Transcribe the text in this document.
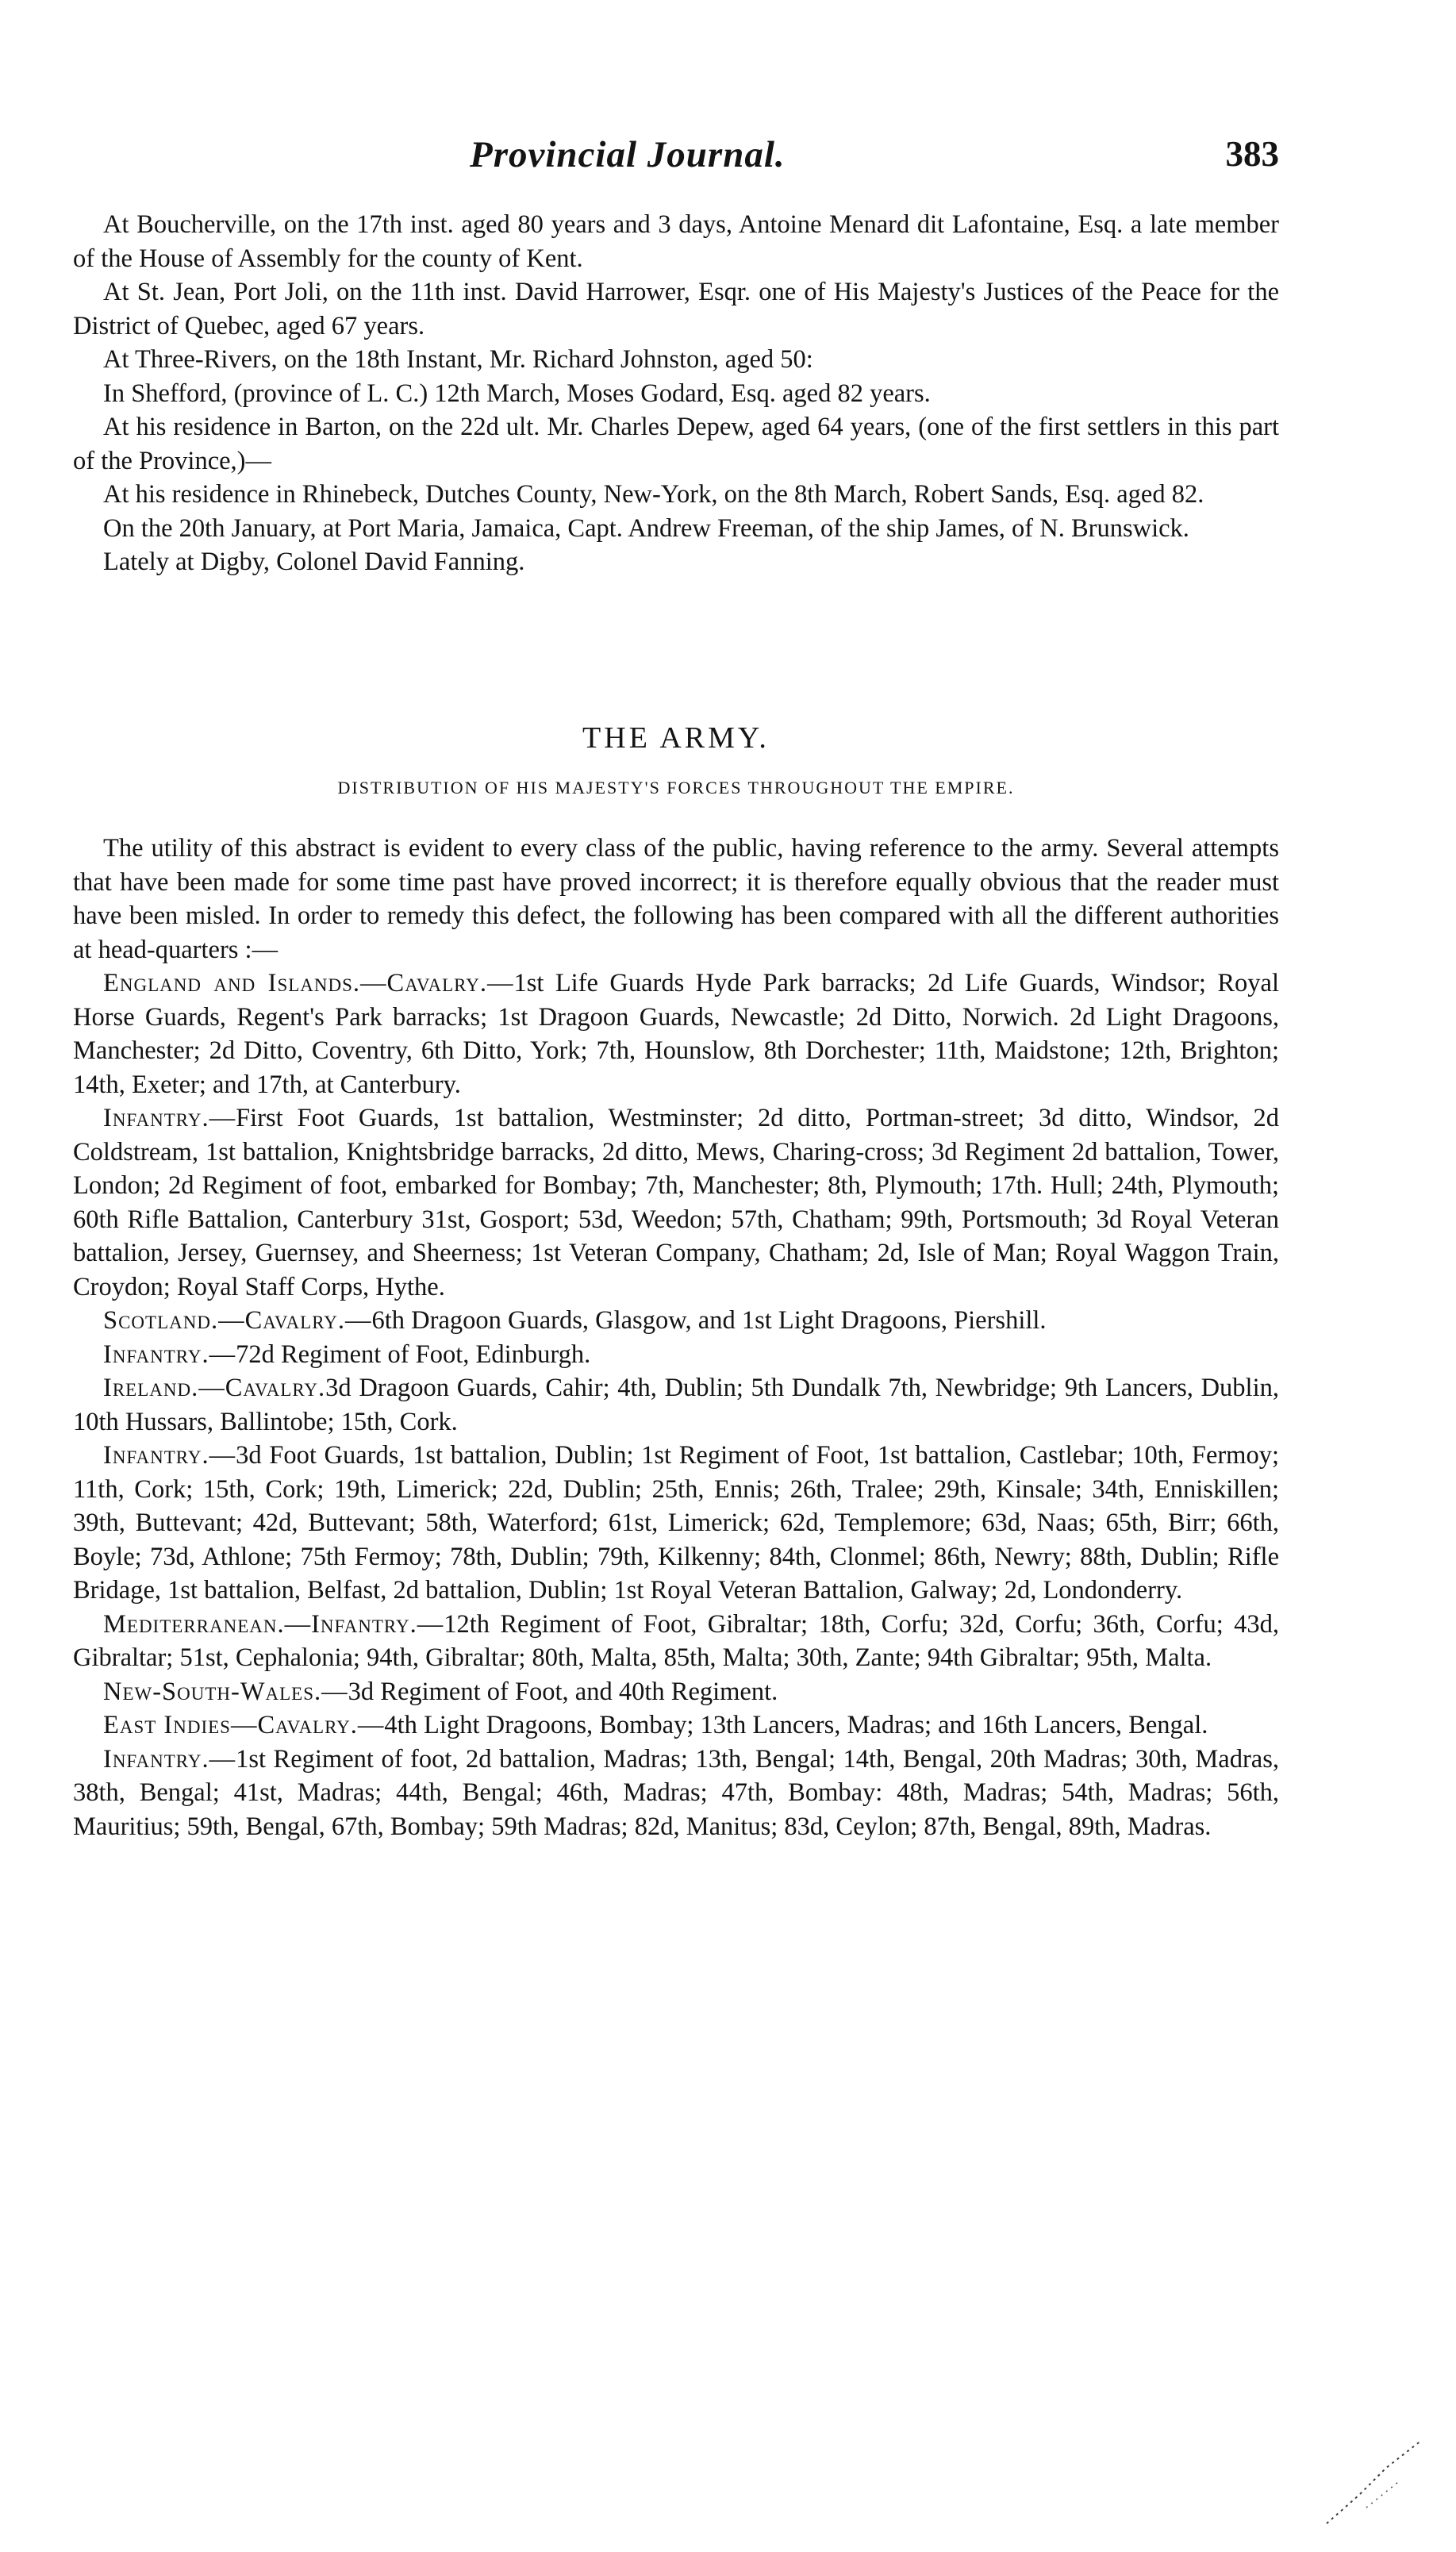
Provincial Journal.	383

At Boucherville, on the 17th inst. aged 80 years and 3 days, Antoine Menard dit Lafontaine, Esq. a late member of the House of Assembly for the county of Kent.

At St. Jean, Port Joli, on the 11th inst. David Harrower, Esqr. one of His Majesty's Justices of the Peace for the District of Quebec, aged 67 years.

At Three-Rivers, on the 18th Instant, Mr. Richard Johnston, aged 50:

In Shefford, (province of L. C.) 12th March, Moses Godard, Esq. aged 82 years.

At his residence in Barton, on the 22d ult. Mr. Charles Depew, aged 64 years, (one of the first settlers in this part of the Province,)—

At his residence in Rhinebeck, Dutches County, New-York, on the 8th March, Robert Sands, Esq. aged 82.

On the 20th January, at Port Maria, Jamaica, Capt. Andrew Freeman, of the ship James, of N. Brunswick.

Lately at Digby, Colonel David Fanning.

THE ARMY.
DISTRIBUTION OF HIS MAJESTY'S FORCES THROUGHOUT THE EMPIRE.

The utility of this abstract is evident to every class of the public, having reference to the army. Several attempts that have been made for some time past have proved incorrect; it is therefore equally obvious that the reader must have been misled. In order to remedy this defect, the following has been compared with all the different authorities at head-quarters :—

England and Islands.—Cavalry.—1st Life Guards Hyde Park barracks; 2d Life Guards, Windsor; Royal Horse Guards, Regent's Park barracks; 1st Dragoon Guards, Newcastle; 2d Ditto, Norwich. 2d Light Dragoons, Manchester; 2d Ditto, Coventry, 6th Ditto, York; 7th, Hounslow, 8th Dorchester; 11th, Maidstone; 12th, Brighton; 14th, Exeter; and 17th, at Canterbury.

Infantry.—First Foot Guards, 1st battalion, Westminster; 2d ditto, Portman-street; 3d ditto, Windsor, 2d Coldstream, 1st battalion, Knightsbridge barracks, 2d ditto, Mews, Charing-cross; 3d Regiment 2d battalion, Tower, London; 2d Regiment of foot, embarked for Bombay; 7th, Manchester; 8th, Plymouth; 17th. Hull; 24th, Plymouth; 60th Rifle Battalion, Canterbury 31st, Gosport; 53d, Weedon; 57th, Chatham; 99th, Portsmouth; 3d Royal Veteran battalion, Jersey, Guernsey, and Sheerness; 1st Veteran Company, Chatham; 2d, Isle of Man; Royal Waggon Train, Croydon; Royal Staff Corps, Hythe.

Scotland.—Cavalry.—6th Dragoon Guards, Glasgow, and 1st Light Dragoons, Piershill.

Infantry.—72d Regiment of Foot, Edinburgh.

Ireland.—Cavalry.3d Dragoon Guards, Cahir; 4th, Dublin; 5th Dundalk 7th, Newbridge; 9th Lancers, Dublin, 10th Hussars, Ballintobe; 15th, Cork.

Infantry.—3d Foot Guards, 1st battalion, Dublin; 1st Regiment of Foot, 1st battalion, Castlebar; 10th, Fermoy; 11th, Cork; 15th, Cork; 19th, Limerick; 22d, Dublin; 25th, Ennis; 26th, Tralee; 29th, Kinsale; 34th, Enniskillen; 39th, Buttevant; 42d, Buttevant; 58th, Waterford; 61st, Limerick; 62d, Templemore; 63d, Naas; 65th, Birr; 66th, Boyle; 73d, Athlone; 75th Fermoy; 78th, Dublin; 79th, Kilkenny; 84th, Clonmel; 86th, Newry; 88th, Dublin; Rifle Bridage, 1st battalion, Belfast, 2d battalion, Dublin; 1st Royal Veteran Battalion, Galway; 2d, Londonderry.

Mediterranean.—Infantry.—12th Regiment of Foot, Gibraltar; 18th, Corfu; 32d, Corfu; 36th, Corfu; 43d, Gibraltar; 51st, Cephalonia; 94th, Gibraltar; 80th, Malta, 85th, Malta; 30th, Zante; 94th Gibraltar; 95th, Malta.

New-South-Wales.—3d Regiment of Foot, and 40th Regiment.

East Indies—Cavalry.—4th Light Dragoons, Bombay; 13th Lancers, Madras; and 16th Lancers, Bengal.

Infantry.—1st Regiment of foot, 2d battalion, Madras; 13th, Bengal; 14th, Bengal, 20th Madras; 30th, Madras, 38th, Bengal; 41st, Madras; 44th, Bengal; 46th, Madras; 47th, Bombay: 48th, Madras; 54th, Madras; 56th, Mauritius; 59th, Bengal, 67th, Bombay; 59th Madras; 82d, Manitus; 83d, Ceylon; 87th, Bengal, 89th, Madras.
